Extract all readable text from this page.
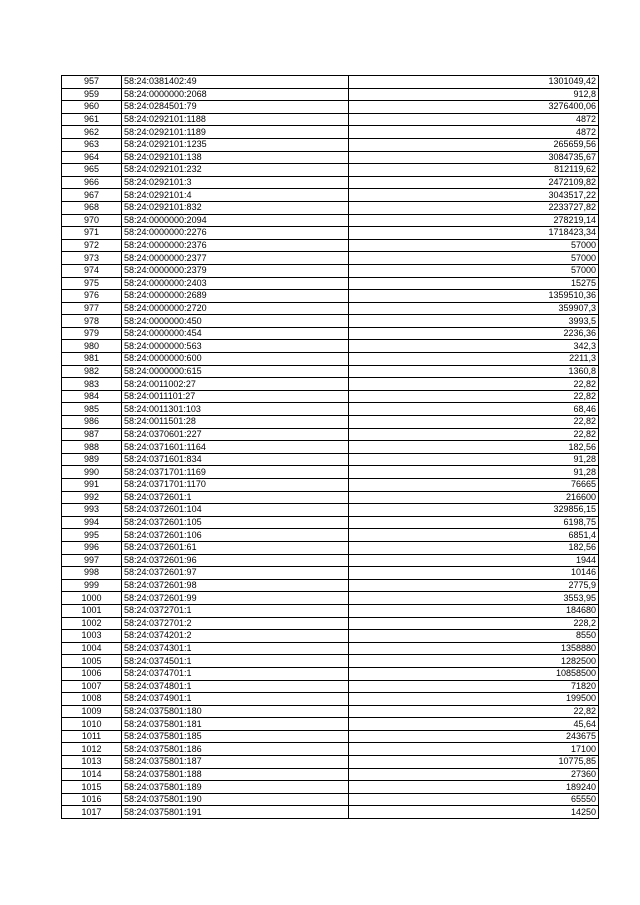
957	58:24:0381402:49	1301049,42
959	58:24:0000000:2068	912,8
960	58:24:0284501:79	3276400,06
961	58:24:0292101:1188	4872
962	58:24:0292101:1189	4872
963	58:24:0292101:1235	265659,56
964	58:24:0292101:138	3084735,67
965	58:24:0292101:232	812119,62
966	58:24:0292101:3	2472109,82
967	58:24:0292101:4	3043517,22
968	58:24:0292101:832	2233727,82
970	58:24:0000000:2094	278219,14
971	58:24:0000000:2276	1718423,34
972	58:24:0000000:2376	57000
973	58:24:0000000:2377	57000
974	58:24:0000000:2379	57000
975	58:24:0000000:2403	15275
976	58:24:0000000:2689	1359510,36
977	58:24:0000000:2720	359907,3
978	58:24:0000000:450	3993,5
979	58:24:0000000:454	2236,36
980	58:24:0000000:563	342,3
981	58:24:0000000:600	2211,3
982	58:24:0000000:615	1360,8
983	58:24:0011002:27	22,82
984	58:24:0011101:27	22,82
985	58:24:0011301:103	68,46
986	58:24:0011501:28	22,82
987	58:24:0370601:227	22,82
988	58:24:0371601:1164	182,56
989	58:24:0371601:834	91,28
990	58:24:0371701:1169	91,28
991	58:24:0371701:1170	76665
992	58:24:0372601:1	216600
993	58:24:0372601:104	329856,15
994	58:24:0372601:105	6198,75
995	58:24:0372601:106	6851,4
996	58:24:0372601:61	182,56
997	58:24:0372601:96	1944
998	58:24:0372601:97	10146
999	58:24:0372601:98	2775,9
1000	58:24:0372601:99	3553,95
1001	58:24:0372701:1	184680
1002	58:24:0372701:2	228,2
1003	58:24:0374201:2	8550
1004	58:24:0374301:1	1358880
1005	58:24:0374501:1	1282500
1006	58:24:0374701:1	10858500
1007	58:24:0374801:1	71820
1008	58:24:0374901:1	199500
1009	58:24:0375801:180	22,82
1010	58:24:0375801:181	45,64
1011	58:24:0375801:185	243675
1012	58:24:0375801:186	17100
1013	58:24:0375801:187	10775,85
1014	58:24:0375801:188	27360
1015	58:24:0375801:189	189240
1016	58:24:0375801:190	65550
1017	58:24:0375801:191	14250
